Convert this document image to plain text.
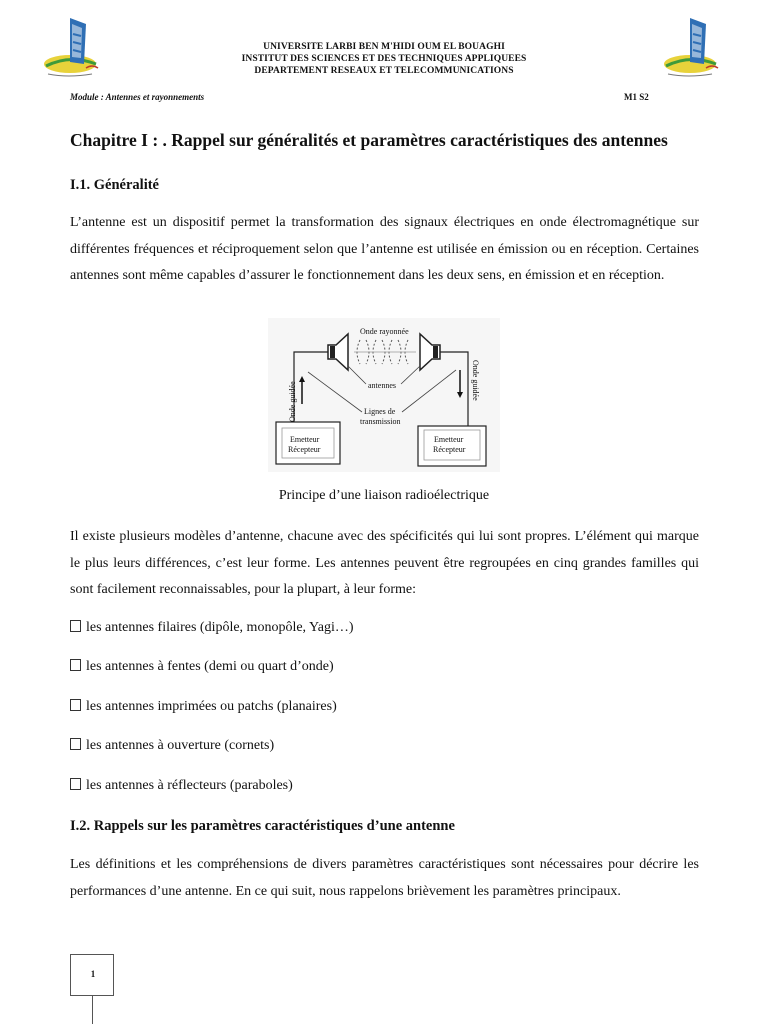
UNIVERSITE LARBI BEN M'HIDI OUM EL BOUAGHI
INSTITUT DES SCIENCES ET DES TECHNIQUES APPLIQUEES
DEPARTEMENT RESEAUX ET TELECOMMUNICATIONS
Module : Antennes et rayonnements	M1 S2
Chapitre I : . Rappel sur généralités et paramètres caractéristiques des antennes
I.1. Généralité
L’antenne est un dispositif permet la transformation des signaux électriques en onde électromagnétique sur différentes fréquences et réciproquement selon que l’antenne est utilisée en émission ou en réception. Certaines antennes sont même capables d’assurer le fonctionnement dans les deux sens, en émission et en réception.
Onde rayonnée
antennes
Lignes de
transmission
Onde guidée
Onde guidée
Emetteur
Récepteur
Emetteur
Récepteur
Principe d’une liaison radioélectrique
Il existe plusieurs modèles d’antenne, chacune avec des spécificités qui lui sont propres. L’élément qui marque le plus leurs différences, c’est leur forme. Les antennes peuvent être regroupées en cinq grandes familles qui sont facilement reconnaissables, pour la plupart, à leur forme:
les antennes filaires (dipôle, monopôle, Yagi…)
les antennes à fentes (demi ou quart d’onde)
les antennes imprimées ou patchs (planaires)
les antennes à ouverture (cornets)
les antennes à réflecteurs (paraboles)
I.2. Rappels sur les paramètres caractéristiques d’une antenne
Les définitions et les compréhensions de divers paramètres caractéristiques sont nécessaires pour décrire les performances d’une antenne. En ce qui suit, nous rappelons brièvement les paramètres principaux.
1
